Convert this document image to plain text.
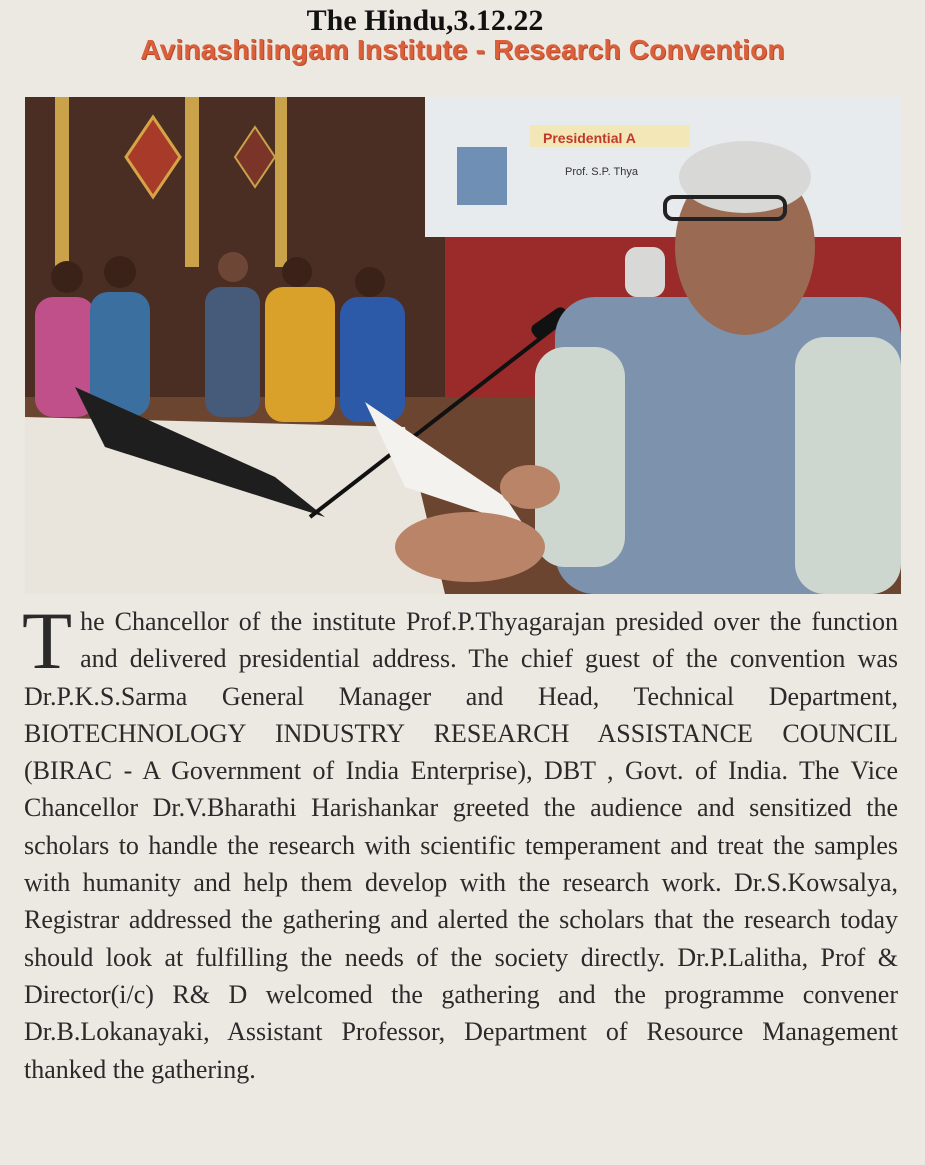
The Hindu,3.12.22
Avinashilingam Institute - Research Convention
Presidential A
Prof. S.P. Thya
The Chancellor of the institute Prof.P.Thyagarajan presided over the function and delivered presidential address. The chief guest of the convention was Dr.P.K.S.Sarma General Manager and Head, Technical Department, BIOTECHNOLOGY INDUSTRY RESEARCH ASSISTANCE COUNCIL (BIRAC - A Government of India Enterprise), DBT , Govt. of India. The Vice Chancellor Dr.V.Bharathi Harishankar greeted the audience and sensitized the scholars to handle the research with scientific temperament and treat the samples with humanity and help them develop with the research work. Dr.S.Kowsalya, Registrar addressed the gathering and alerted the scholars that the research today should look at fulfilling the needs of the society directly. Dr.P.Lalitha, Prof & Director(i/c) R& D welcomed the gathering and the programme convener Dr.B.Lokanayaki, Assistant Professor, Department of Resource Management thanked the gathering.
